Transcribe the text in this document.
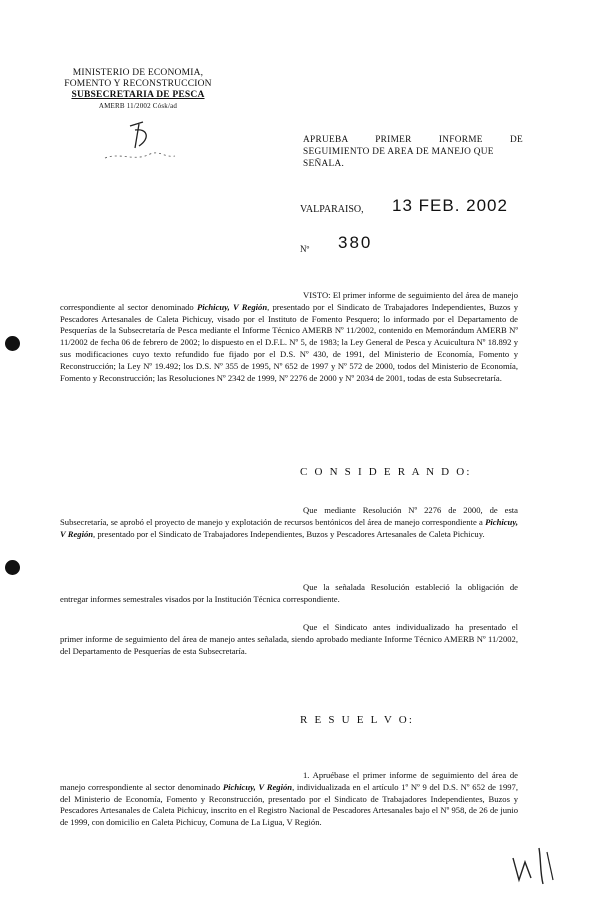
MINISTERIO DE ECONOMIA,
FOMENTO Y RECONSTRUCCION
SUBSECRETARIA DE PESCA
AMERB 11/2002 Cósk/ad
APRUEBA PRIMER INFORME DE
SEGUIMIENTO DE AREA DE MANEJO QUE
SEÑALA.
VALPARAISO, 13 FEB. 2002
Nº 380
VISTO: El primer informe de seguimiento del área de manejo correspondiente al sector denominado Pichicuy, V Región, presentado por el Sindicato de Trabajadores Independientes, Buzos y Pescadores Artesanales de Caleta Pichicuy, visado por el Instituto de Fomento Pesquero; lo informado por el Departamento de Pesquerías de la Subsecretaría de Pesca mediante el Informe Técnico AMERB Nº 11/2002, contenido en Memorándum AMERB Nº 11/2002 de fecha 06 de febrero de 2002; lo dispuesto en el D.F.L. Nº 5, de 1983; la Ley General de Pesca y Acuicultura Nº 18.892 y sus modificaciones cuyo texto refundido fue fijado por el D.S. Nº 430, de 1991, del Ministerio de Economía, Fomento y Reconstrucción; la Ley Nº 19.492; los D.S. Nº 355 de 1995, Nº 652 de 1997 y Nº 572 de 2000, todos del Ministerio de Economía, Fomento y Reconstrucción; las Resoluciones Nº 2342 de 1999, Nº 2276 de 2000 y Nº 2034 de 2001, todas de esta Subsecretaría.
C O N S I D E R A N D O:
Que mediante Resolución Nº 2276 de 2000, de esta Subsecretaría, se aprobó el proyecto de manejo y explotación de recursos bentónicos del área de manejo correspondiente a Pichicuy, V Región, presentado por el Sindicato de Trabajadores Independientes, Buzos y Pescadores Artesanales de Caleta Pichicuy.
Que la señalada Resolución estableció la obligación de entregar informes semestrales visados por la Institución Técnica correspondiente.
Que el Sindicato antes individualizado ha presentado el primer informe de seguimiento del área de manejo antes señalada, siendo aprobado mediante Informe Técnico AMERB Nº 11/2002, del Departamento de Pesquerías de esta Subsecretaría.
R E S U E L V O:
1. Apruébase el primer informe de seguimiento del área de manejo correspondiente al sector denominado Pichicuy, V Región, individualizada en el artículo 1º Nº 9 del D.S. Nº 652 de 1997, del Ministerio de Economía, Fomento y Reconstrucción, presentado por el Sindicato de Trabajadores Independientes, Buzos y Pescadores Artesanales de Caleta Pichicuy, inscrito en el Registro Nacional de Pescadores Artesanales bajo el Nº 958, de 26 de junio de 1999, con domicilio en Caleta Pichicuy, Comuna de La Ligua, V Región.
